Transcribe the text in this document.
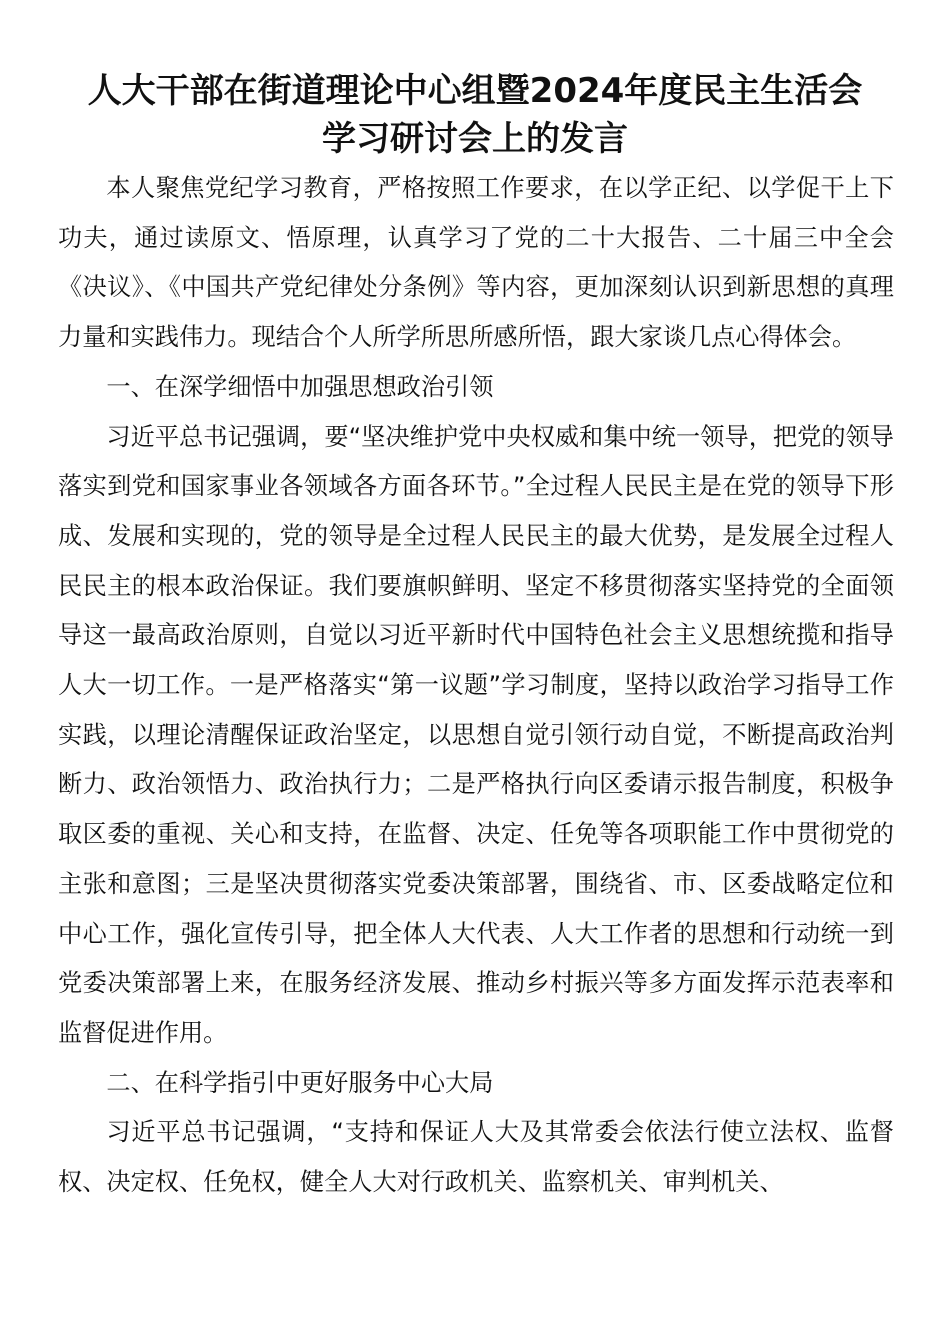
人大干部在街道理论中心组暨2024年度民主生活会
学习研讨会上的发言

本人聚焦党纪学习教育，严格按照工作要求，在以学正纪、以学促干上下功夫，通过读原文、悟原理，认真学习了党的二十大报告、二十届三中全会《决议》、《中国共产党纪律处分条例》等内容，更加深刻认识到新思想的真理力量和实践伟力。现结合个人所学所思所感所悟，跟大家谈几点心得体会。

一、在深学细悟中加强思想政治引领

习近平总书记强调，要“坚决维护党中央权威和集中统一领导，把党的领导落实到党和国家事业各领域各方面各环节。”全过程人民民主是在党的领导下形成、发展和实现的，党的领导是全过程人民民主的最大优势，是发展全过程人民民主的根本政治保证。我们要旗帜鲜明、坚定不移贯彻落实坚持党的全面领导这一最高政治原则，自觉以习近平新时代中国特色社会主义思想统揽和指导人大一切工作。一是严格落实“第一议题”学习制度，坚持以政治学习指导工作实践，以理论清醒保证政治坚定，以思想自觉引领行动自觉，不断提高政治判断力、政治领悟力、政治执行力；二是严格执行向区委请示报告制度，积极争取区委的重视、关心和支持，在监督、决定、任免等各项职能工作中贯彻党的主张和意图；三是坚决贯彻落实党委决策部署，围绕省、市、区委战略定位和中心工作，强化宣传引导，把全体人大代表、人大工作者的思想和行动统一到党委决策部署上来，在服务经济发展、推动乡村振兴等多方面发挥示范表率和监督促进作用。

二、在科学指引中更好服务中心大局

习近平总书记强调，“支持和保证人大及其常委会依法行使立法权、监督权、决定权、任免权，健全人大对行政机关、监察机关、审判机关、
